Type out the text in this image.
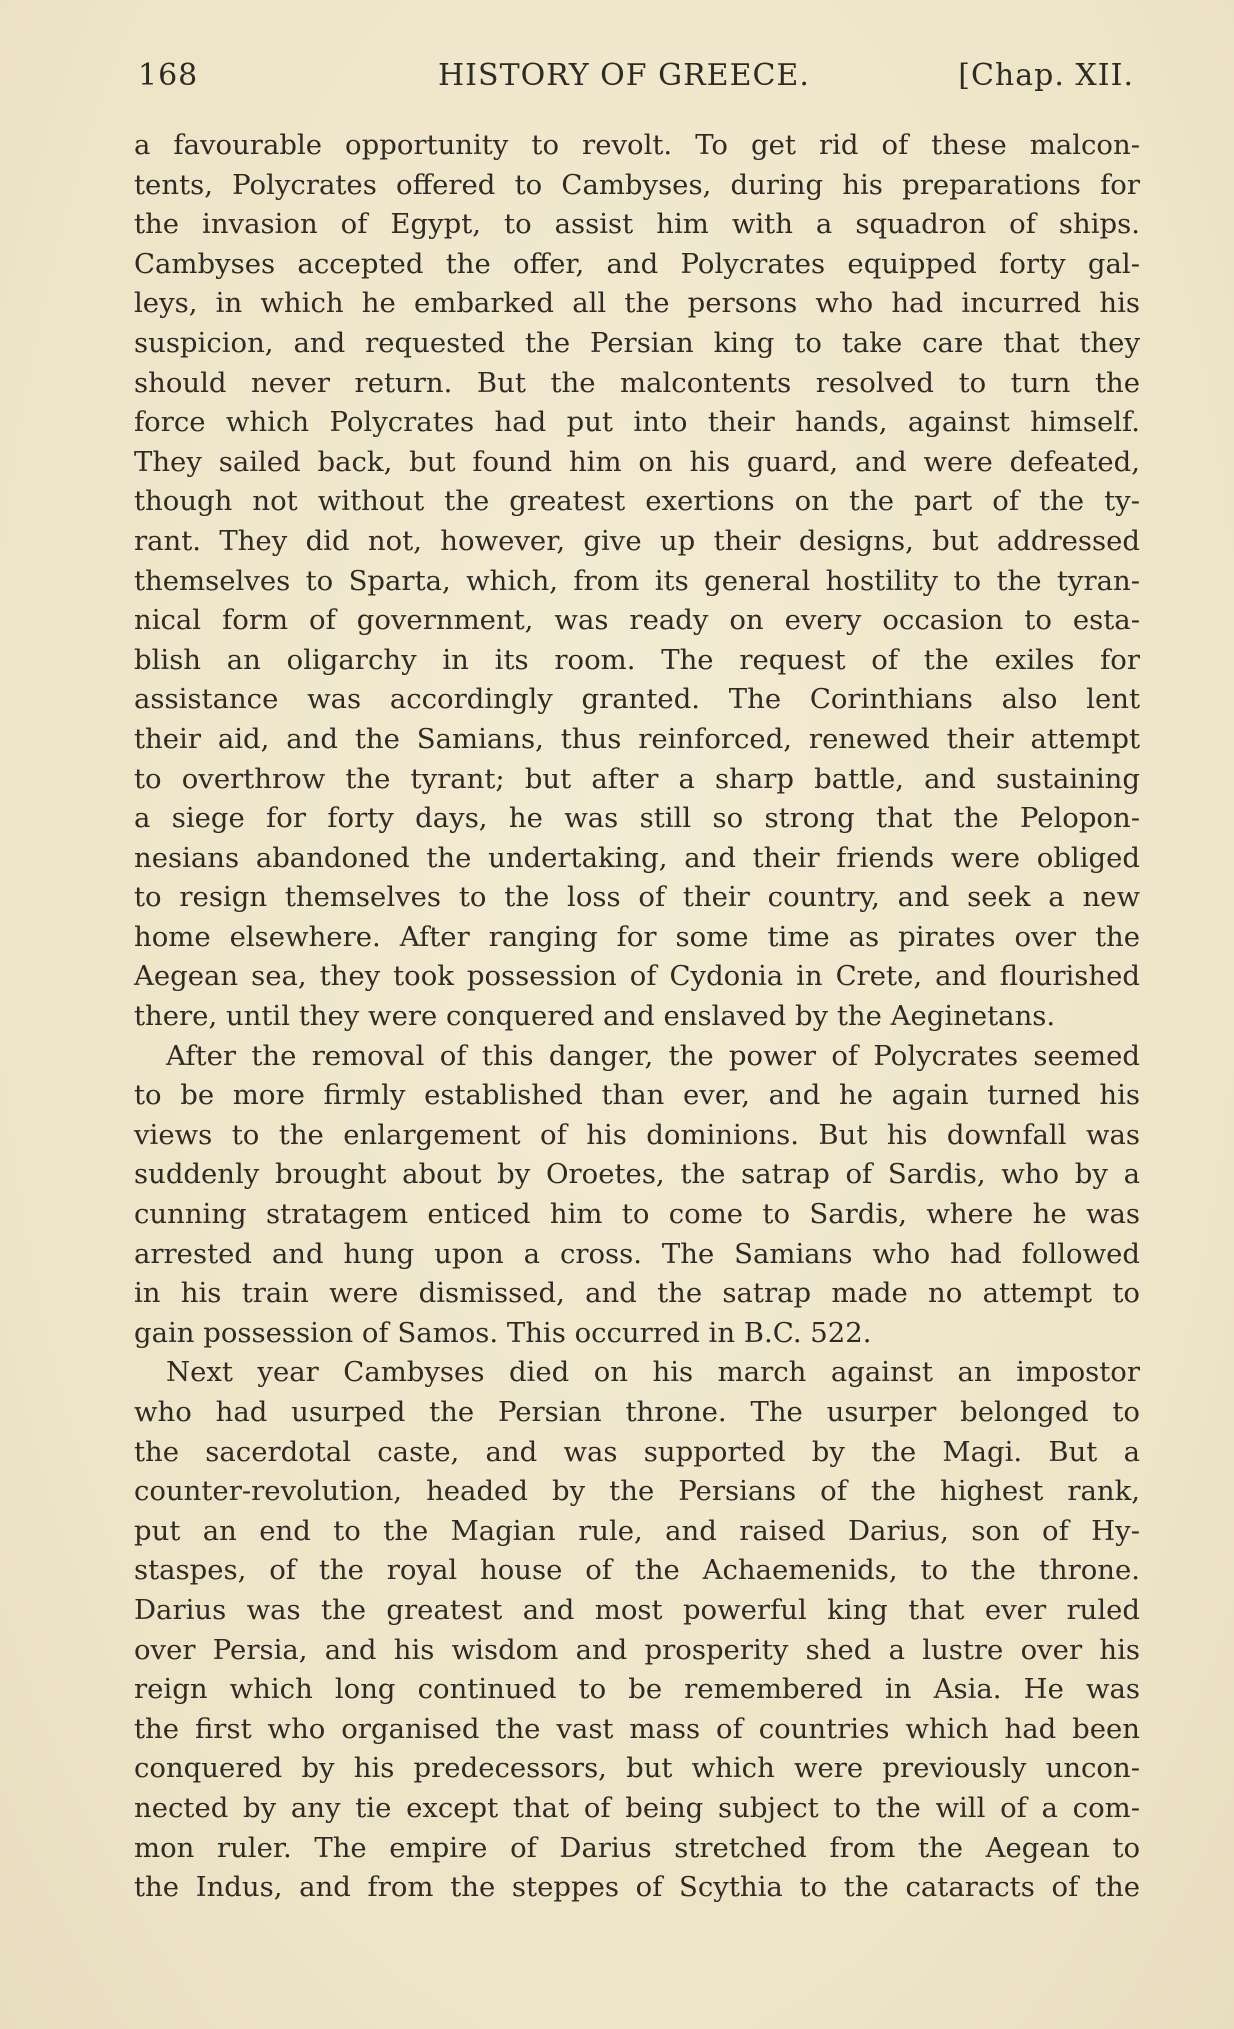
168	HISTORY OF GREECE.	[Chap. XII.
a favourable opportunity to revolt. To get rid of these malcon-
tents, Polycrates offered to Cambyses, during his preparations for
the invasion of Egypt, to assist him with a squadron of ships.
Cambyses accepted the offer, and Polycrates equipped forty gal-
leys, in which he embarked all the persons who had incurred his
suspicion, and requested the Persian king to take care that they
should never return. But the malcontents resolved to turn the
force which Polycrates had put into their hands, against himself.
They sailed back, but found him on his guard, and were defeated,
though not without the greatest exertions on the part of the ty-
rant. They did not, however, give up their designs, but addressed
themselves to Sparta, which, from its general hostility to the tyran-
nical form of government, was ready on every occasion to esta-
blish an oligarchy in its room. The request of the exiles for
assistance was accordingly granted. The Corinthians also lent
their aid, and the Samians, thus reinforced, renewed their attempt
to overthrow the tyrant; but after a sharp battle, and sustaining
a siege for forty days, he was still so strong that the Pelopon-
nesians abandoned the undertaking, and their friends were obliged
to resign themselves to the loss of their country, and seek a new
home elsewhere. After ranging for some time as pirates over the
Aegean sea, they took possession of Cydonia in Crete, and flourished
there, until they were conquered and enslaved by the Aeginetans.
After the removal of this danger, the power of Polycrates seemed
to be more firmly established than ever, and he again turned his
views to the enlargement of his dominions. But his downfall was
suddenly brought about by Oroetes, the satrap of Sardis, who by a
cunning stratagem enticed him to come to Sardis, where he was
arrested and hung upon a cross. The Samians who had followed
in his train were dismissed, and the satrap made no attempt to
gain possession of Samos. This occurred in B.C. 522.
Next year Cambyses died on his march against an impostor
who had usurped the Persian throne. The usurper belonged to
the sacerdotal caste, and was supported by the Magi. But a
counter-revolution, headed by the Persians of the highest rank,
put an end to the Magian rule, and raised Darius, son of Hy-
staspes, of the royal house of the Achaemenids, to the throne.
Darius was the greatest and most powerful king that ever ruled
over Persia, and his wisdom and prosperity shed a lustre over his
reign which long continued to be remembered in Asia. He was
the first who organised the vast mass of countries which had been
conquered by his predecessors, but which were previously uncon-
nected by any tie except that of being subject to the will of a com-
mon ruler. The empire of Darius stretched from the Aegean to
the Indus, and from the steppes of Scythia to the cataracts of the
